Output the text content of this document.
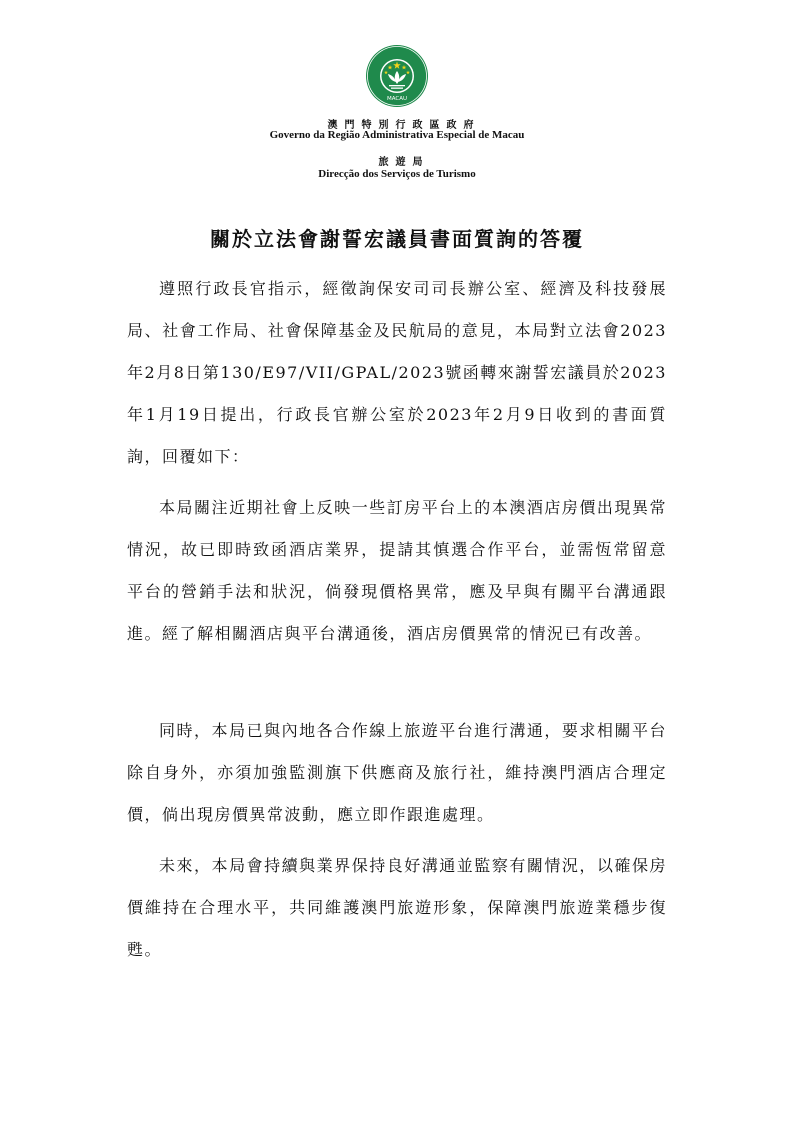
MACAU
澳門特別行政區政府
Governo da Região Administrativa Especial de Macau
旅遊局
Direcção dos Serviços de Turismo
關於立法會謝誓宏議員書面質詢的答覆

遵照行政長官指示，經徵詢保安司司長辦公室、經濟及科技發展局、社會工作局、社會保障基金及民航局的意見，本局對立法會2023年2月8日第130/E97/VII/GPAL/2023號函轉來謝誓宏議員於2023年1月19日提出，行政長官辦公室於2023年2月9日收到的書面質詢，回覆如下：

本局關注近期社會上反映一些訂房平台上的本澳酒店房價出現異常情況，故已即時致函酒店業界，提請其慎選合作平台，並需恆常留意平台的營銷手法和狀況，倘發現價格異常，應及早與有關平台溝通跟進。經了解相關酒店與平台溝通後，酒店房價異常的情況已有改善。

同時，本局已與內地各合作線上旅遊平台進行溝通，要求相關平台除自身外，亦須加強監測旗下供應商及旅行社，維持澳門酒店合理定價，倘出現房價異常波動，應立即作跟進處理。

未來，本局會持續與業界保持良好溝通並監察有關情況，以確保房價維持在合理水平，共同維護澳門旅遊形象，保障澳門旅遊業穩步復甦。
